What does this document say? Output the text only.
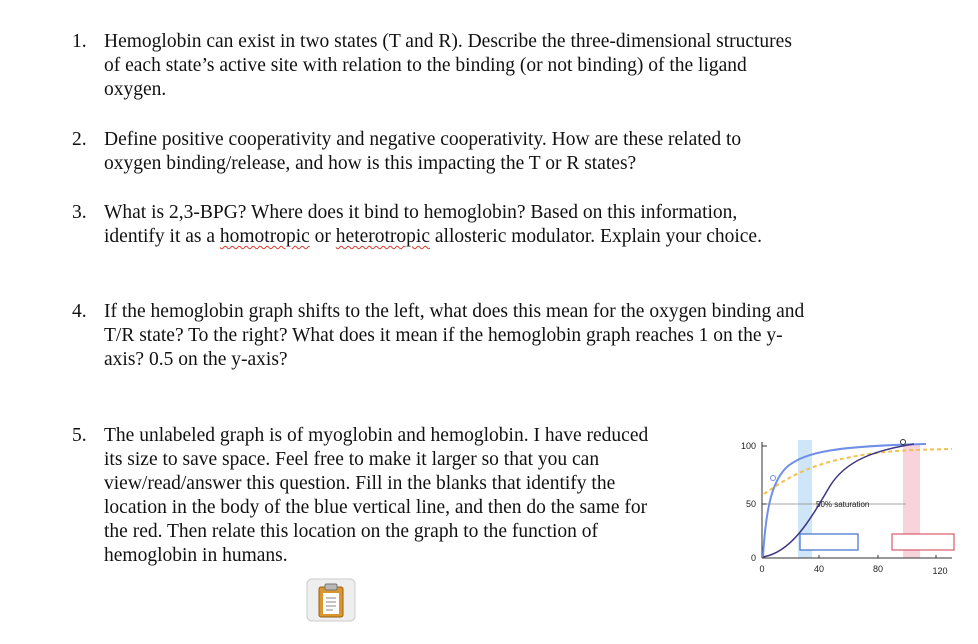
1. Hemoglobin can exist in two states (T and R). Describe the three-dimensional structures
of each state’s active site with relation to the binding (or not binding) of the ligand
oxygen.
2. Define positive cooperativity and negative cooperativity. How are these related to
oxygen binding/release, and how is this impacting the T or R states?
3. What is 2,3-BPG? Where does it bind to hemoglobin? Based on this information,
identify it as a homotropic or heterotropic allosteric modulator. Explain your choice.
4. If the hemoglobin graph shifts to the left, what does this mean for the oxygen binding and
T/R state? To the right? What does it mean if the hemoglobin graph reaches 1 on the y-
axis? 0.5 on the y-axis?
5. The unlabeled graph is of myoglobin and hemoglobin. I have reduced
its size to save space. Feel free to make it larger so that you can
view/read/answer this question. Fill in the blanks that identify the
location in the body of the blue vertical line, and then do the same for
the red. Then relate this location on the graph to the function of
hemoglobin in humans.
100
50
0
0	40	80	120
50% saturation
